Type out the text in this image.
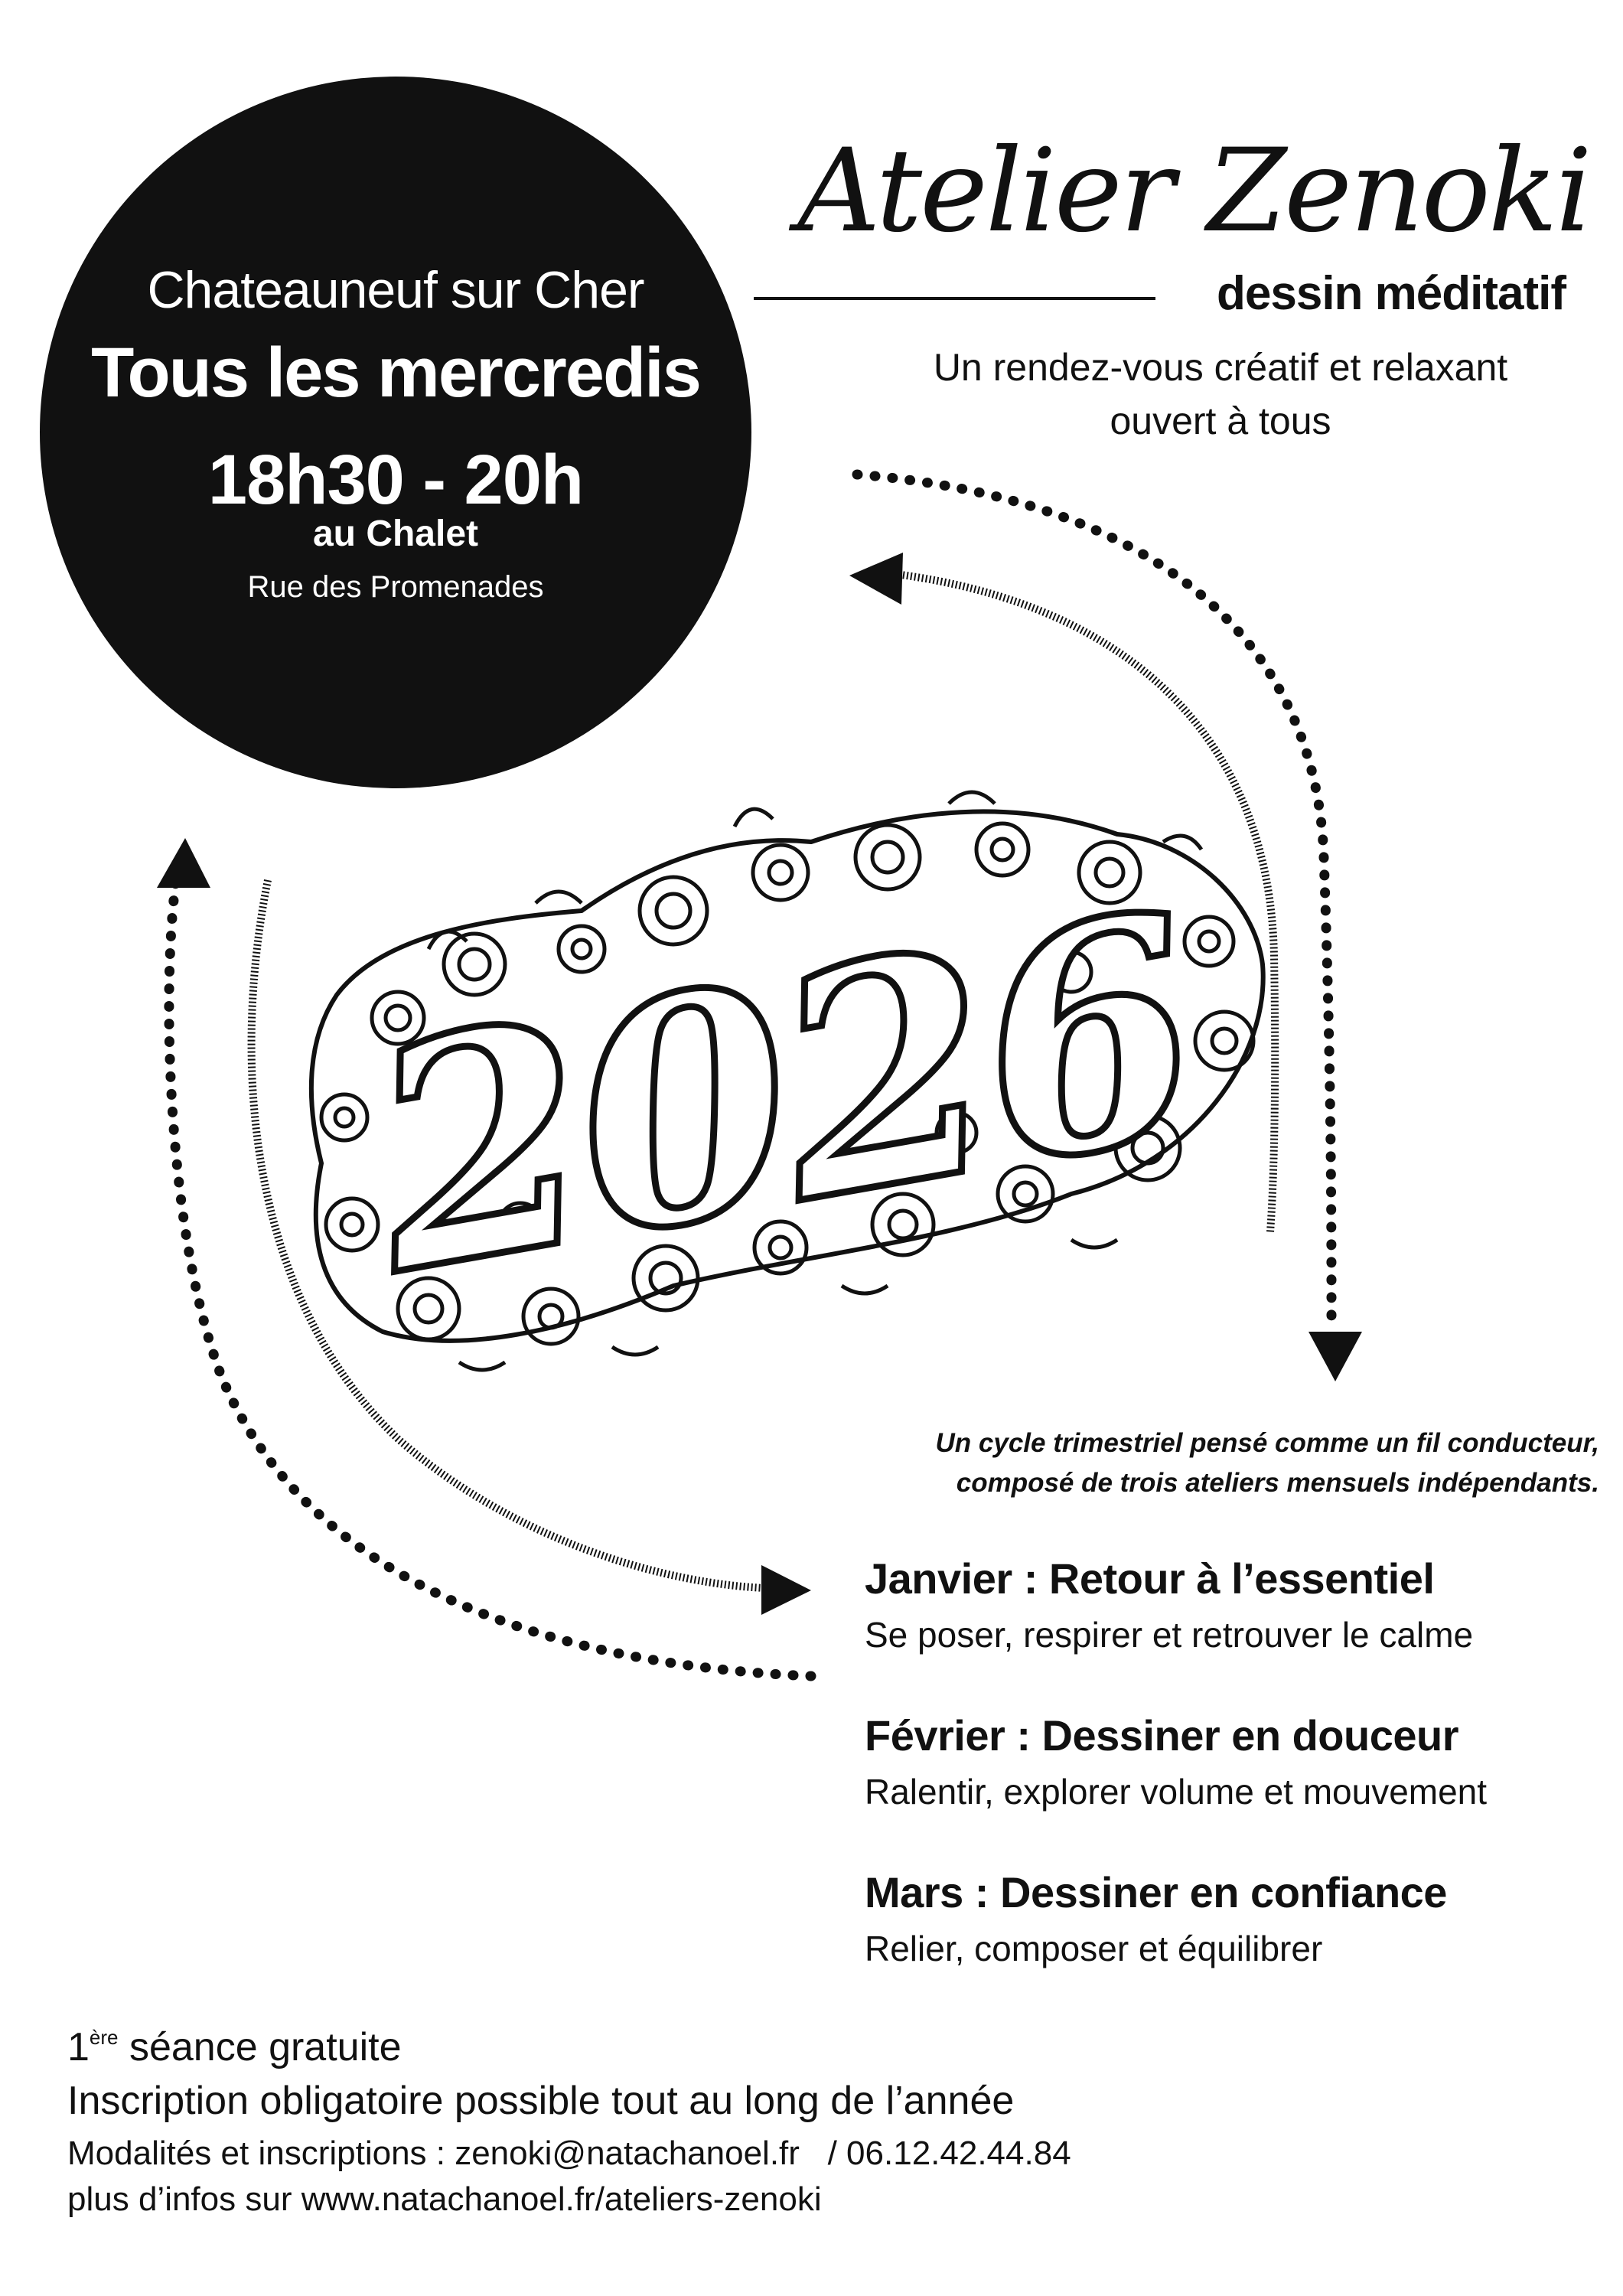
2026
Chateauneuf sur Cher
Tous les mercredis
18h30 - 20h
au Chalet
Rue des Promenades
Atelier Zenoki
dessin méditatif
Un rendez-vous créatif et relaxant
ouvert à tous
Un cycle trimestriel pensé comme un fil conducteur,
composé de trois ateliers mensuels indépendants.
Janvier : Retour à l’essentiel
Se poser, respirer et retrouver le calme
Février : Dessiner en douceur
Ralentir, explorer volume et mouvement
Mars : Dessiner en confiance
Relier, composer et équilibrer
1ère séance gratuite
Inscription obligatoire possible tout au long de l’année
Modalités et inscriptions : zenoki@natachanoel.fr   / 06.12.42.44.84
plus d’infos sur www.natachanoel.fr/ateliers-zenoki
